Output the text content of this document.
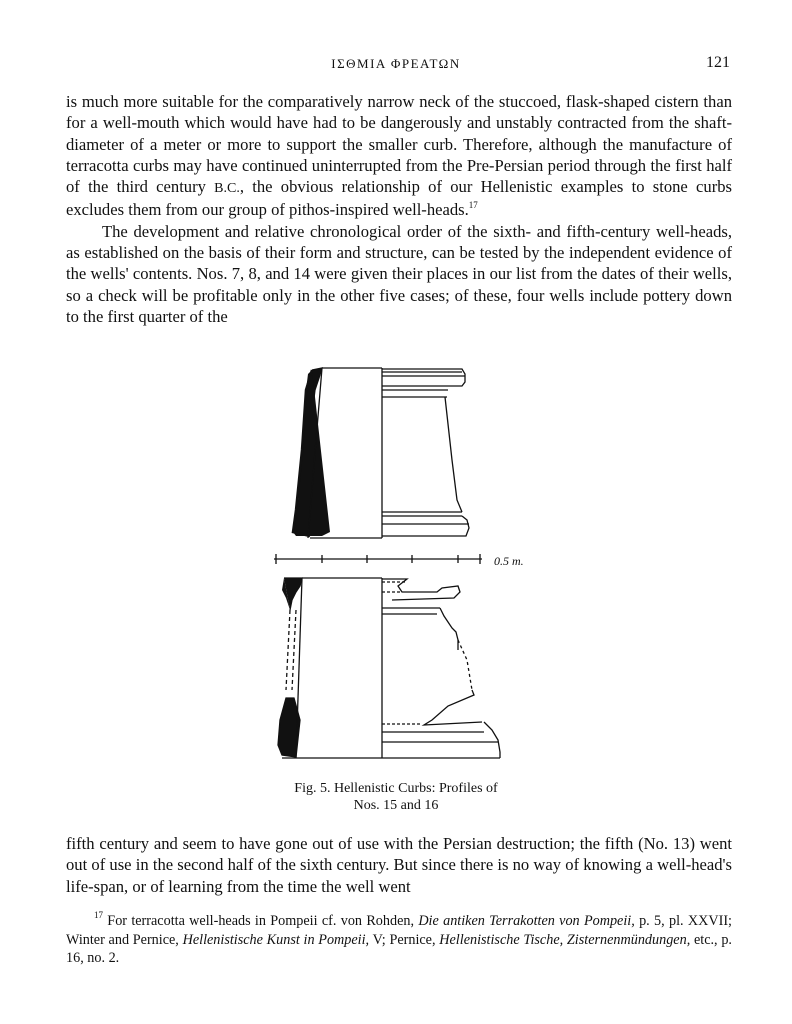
ΙΣΘΜΙΑ ΦΡΕΑΤΩΝ	121

is much more suitable for the comparatively narrow neck of the stuccoed, flask-shaped cistern than for a well-mouth which would have had to be dangerously and unstably contracted from the shaft-diameter of a meter or more to support the smaller curb. Therefore, although the manufacture of terracotta curbs may have continued uninterrupted from the Pre-Persian period through the first half of the third century B.C., the obvious relationship of our Hellenistic examples to stone curbs excludes them from our group of pithos-inspired well-heads.$^{17}$

The development and relative chronological order of the sixth- and fifth-century well-heads, as established on the basis of their form and structure, can be tested by the independent evidence of the wells' contents. Nos. 7, 8, and 14 were given their places in our list from the dates of their wells, so a check will be profitable only in the other five cases; of these, four wells include pottery down to the first quarter of the

0.5 m.
Fig. 5. Hellenistic Curbs: Profiles of
Nos. 15 and 16

fifth century and seem to have gone out of use with the Persian destruction; the fifth (No. 13) went out of use in the second half of the sixth century. But since there is no way of knowing a well-head's life-span, or of learning from the time the well went

$^{17}$ For terracotta well-heads in Pompeii cf. von Rohden, Die antiken Terrakotten von Pompeii, p. 5, pl. XXVII; Winter and Pernice, Hellenistische Kunst in Pompeii, V; Pernice, Hellenistische Tische, Zisternenmündungen, etc., p. 16, no. 2.
